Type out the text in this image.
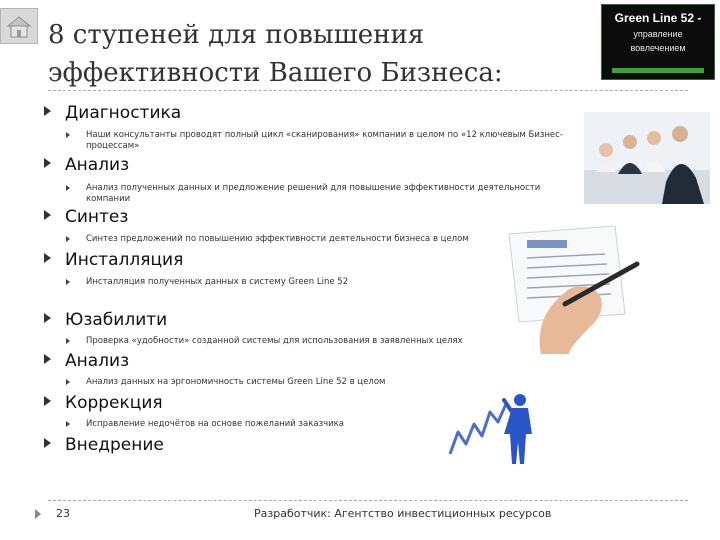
8 ступеней для повышения
эффективности Вашего Бизнеса:
Green Line 52 -
управление
вовлечением
Диагностика
Наши консультанты проводят полный цикл «сканирования» компании в целом по «12 ключевым Бизнес-процессам»
Анализ
Анализ полученных данных и предложение решений для повышение эффективности деятельности компании
Синтез
Синтез предложений по повышению эффективности деятельности бизнеса в целом
Инсталляция
Инсталляция полученных данных в систему Green Line 52
Юзабилити
Проверка «удобности» созданной системы для использования в заявленных целях
Анализ
Анализ данных на эргономичность системы Green Line 52 в целом
Коррекция
Исправление недочётов на основе пожеланий заказчика
Внедрение
23	Разработчик: Агентство инвестиционных ресурсов
